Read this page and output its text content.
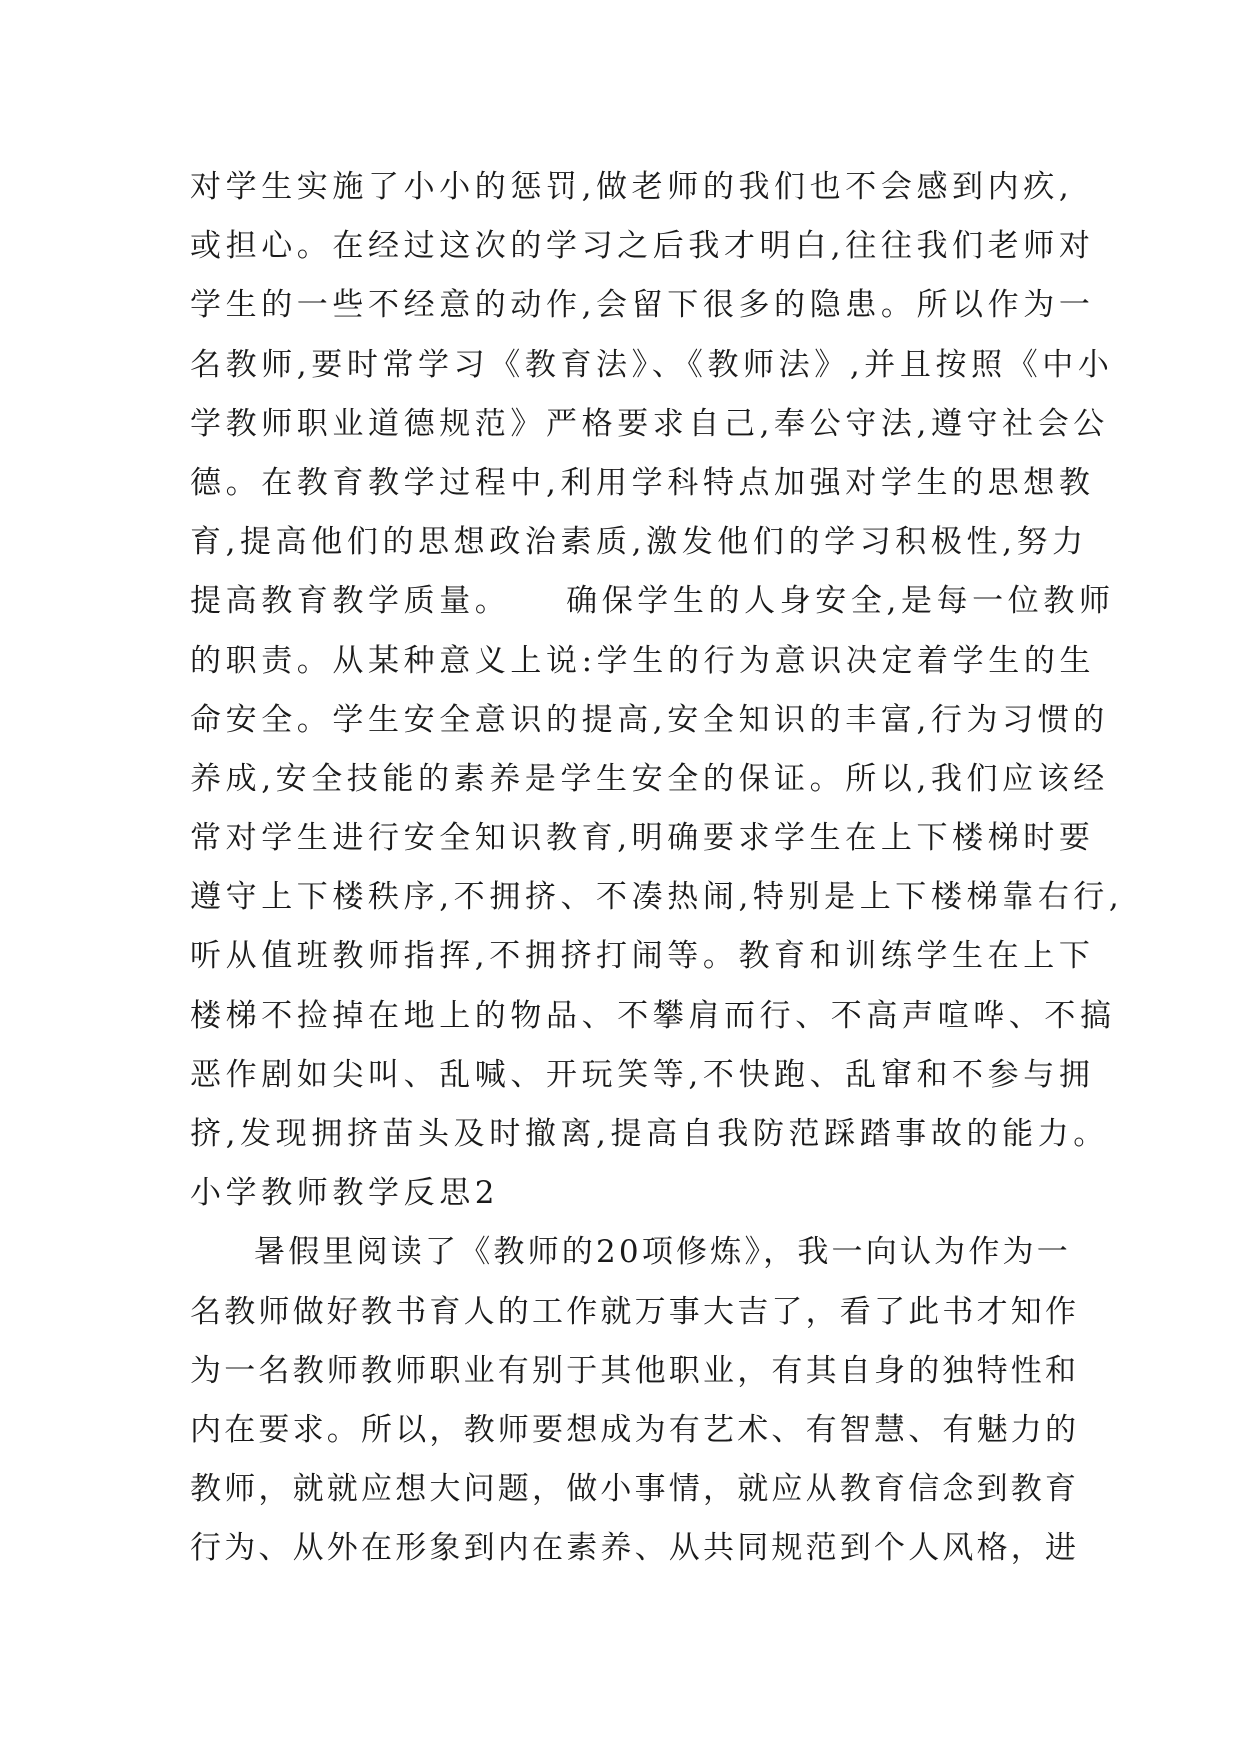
对学生实施了小小的惩罚,做老师的我们也不会感到内疚,
或担心。在经过这次的学习之后我才明白,往往我们老师对
学生的一些不经意的动作,会留下很多的隐患。所以作为一
名教师,要时常学习《教育法》、《教师法》,并且按照《中小
学教师职业道德规范》严格要求自己,奉公守法,遵守社会公
德。在教育教学过程中,利用学科特点加强对学生的思想教
育,提高他们的思想政治素质,激发他们的学习积极性,努力
提高教育教学质量。　　确保学生的人身安全,是每一位教师
的职责。从某种意义上说:学生的行为意识决定着学生的生
命安全。学生安全意识的提高,安全知识的丰富,行为习惯的
养成,安全技能的素养是学生安全的保证。所以,我们应该经
常对学生进行安全知识教育,明确要求学生在上下楼梯时要
遵守上下楼秩序,不拥挤、不凑热闹,特别是上下楼梯靠右行,
听从值班教师指挥,不拥挤打闹等。教育和训练学生在上下
楼梯不捡掉在地上的物品、不攀肩而行、不高声喧哗、不搞
恶作剧如尖叫、乱喊、开玩笑等,不快跑、乱窜和不参与拥
挤,发现拥挤苗头及时撤离,提高自我防范踩踏事故的能力。
小学教师教学反思2
暑假里阅读了《教师的20项修炼》，我一向认为作为一
名教师做好教书育人的工作就万事大吉了，看了此书才知作
为一名教师教师职业有别于其他职业，有其自身的独特性和
内在要求。所以，教师要想成为有艺术、有智慧、有魅力的
教师，就就应想大问题，做小事情，就应从教育信念到教育
行为、从外在形象到内在素养、从共同规范到个人风格，进
